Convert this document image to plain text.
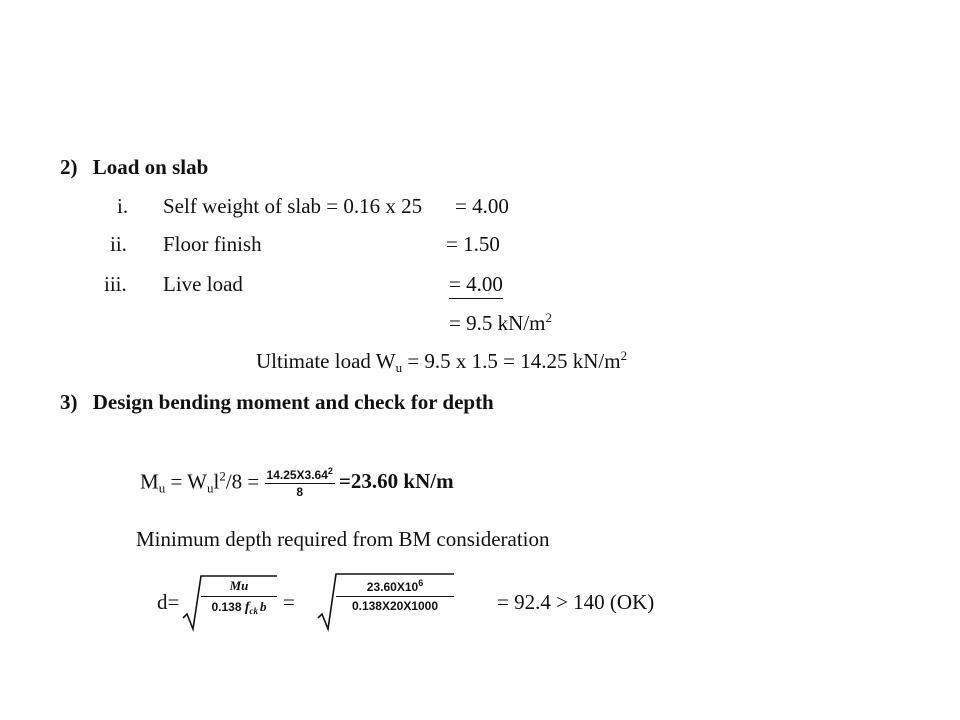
2) Load on slab
i. Self weight of slab = 0.16 x 25 = 4.00
ii. Floor finish	= 1.50
iii. Live load	= 4.00
= 9.5 $kN/m^2$
Ultimate load $W_u = 9.5$ x 1.5 = 14.25 $kN/m^2$
3) Design bending moment and check for depth
$M_u = W_ul^2/8 = \frac{14.25X3.64^2}{8} =23.60$ kN/m
Minimum depth required from BM consideration
d=
Mu
0.138 $f_{ck}$ b =	$\frac{23.60X10^6}{0.138X20X1000} = 92.4 > 140$ (OK)
